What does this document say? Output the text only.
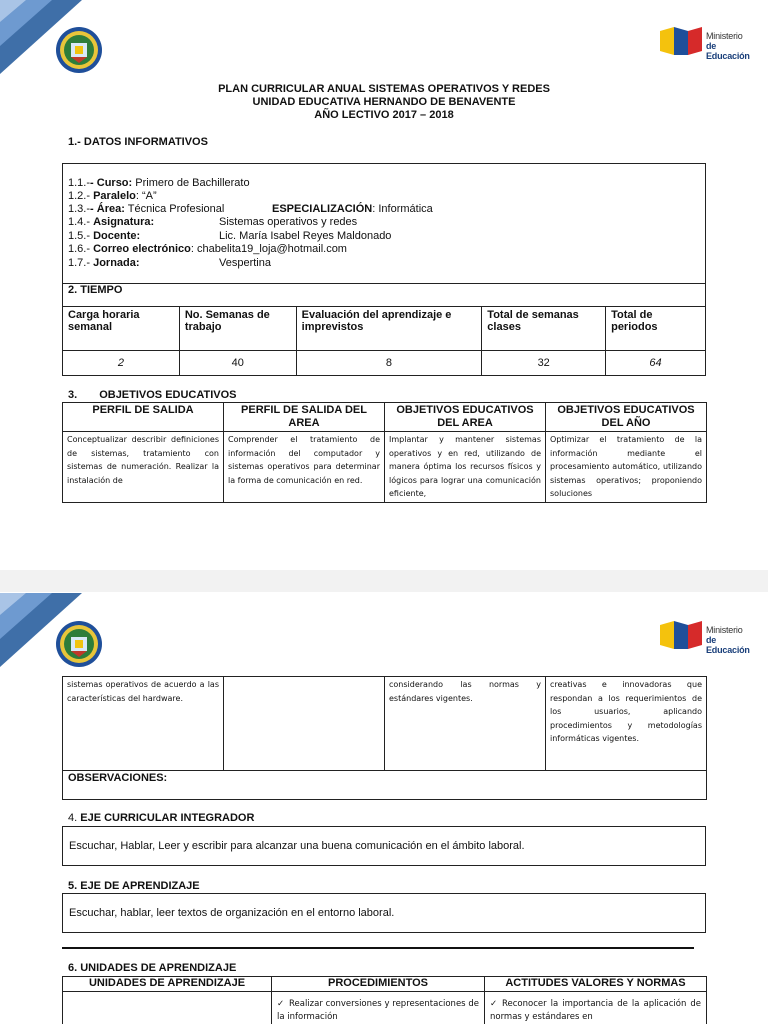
Ministerio
de Educación
PLAN CURRICULAR ANUAL SISTEMAS OPERATIVOS Y REDES
UNIDAD EDUCATIVA HERNANDO DE BENAVENTE
AÑO LECTIVO 2017 – 2018
1.- DATOS INFORMATIVOS
1.1.-- Curso: Primero de Bachillerato
1.2.- Paralelo: “A”
1.3.-- Área: Técnica Profesional	ESPECIALIZACIÓN: Informática
1.4.- Asignatura:	Sistemas operativos y redes
1.5.- Docente:	Lic. María Isabel Reyes Maldonado
1.6.- Correo electrónico: chabelita19_loja@hotmail.com
1.7.- Jornada:	Vespertina
2. TIEMPO
Carga horaria semanal	No. Semanas de trabajo	Evaluación del aprendizaje e imprevistos	Total de semanas clases	Total de periodos
2	40	8	32	64
3. OBJETIVOS EDUCATIVOS
PERFIL DE SALIDA	PERFIL DE SALIDA DEL AREA	OBJETIVOS EDUCATIVOS DEL AREA	OBJETIVOS EDUCATIVOS DEL AÑO
Conceptualizar describir definiciones de sistemas, tratamiento con sistemas de numeración. Realizar la instalación de	Comprender el tratamiento de información del computador y sistemas operativos para determinar la forma de comunicación en red.	Implantar y mantener sistemas operativos y en red, utilizando de manera óptima los recursos físicos y lógicos para lograr una comunicación eficiente,	Optimizar el tratamiento de la información mediante el procesamiento automático, utilizando sistemas operativos; proponiendo soluciones
Ministerio
de Educación
sistemas operativos de acuerdo a las características del hardware.		considerando las normas y estándares vigentes.	creativas e innovadoras que respondan a los requerimientos de los usuarios, aplicando procedimientos y metodologías informáticas vigentes.
OBSERVACIONES:
4. EJE CURRICULAR INTEGRADOR
Escuchar, Hablar, Leer y escribir para alcanzar una buena comunicación en el ámbito laboral.
5. EJE DE APRENDIZAJE
Escuchar, hablar, leer textos de organización en el entorno laboral.
6. UNIDADES DE APRENDIZAJE
UNIDADES DE APRENDIZAJE	PROCEDIMIENTOS	ACTITUDES VALORES Y NORMAS
	✓ Realizar conversiones y representaciones de la información	✓ Reconocer la importancia de la aplicación de normas y estándares en
